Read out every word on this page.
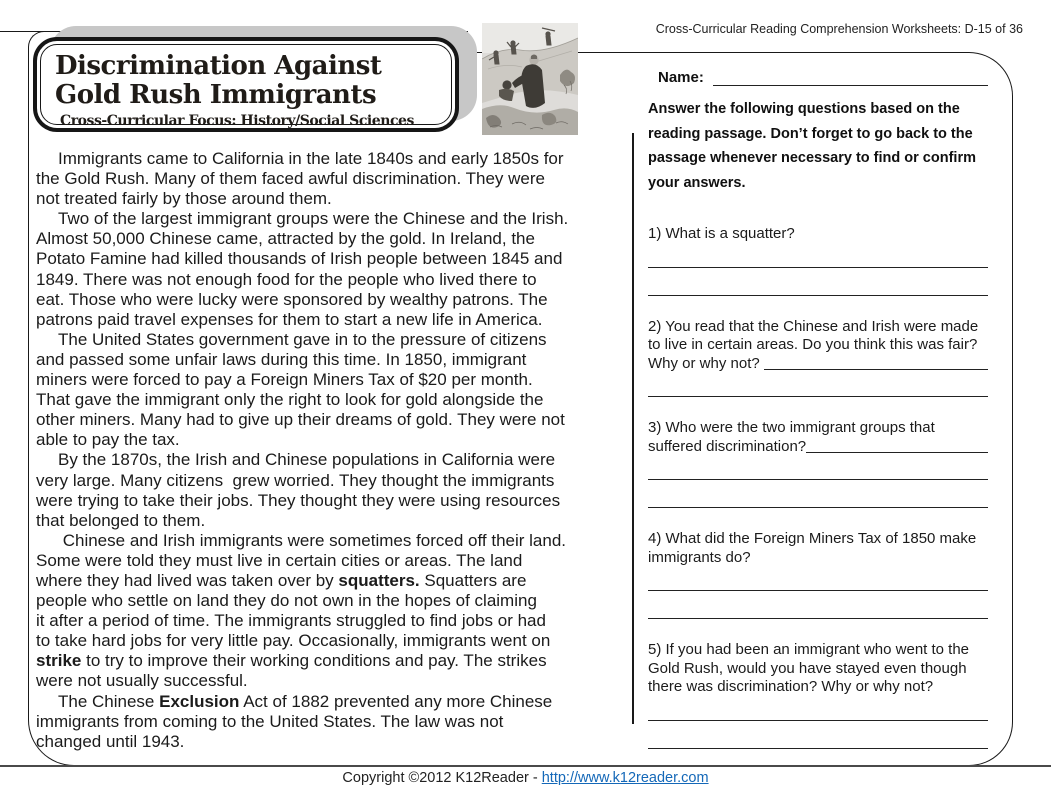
Cross-Curricular Reading Comprehension Worksheets: D-15 of 36
Discrimination Against
Gold Rush Immigrants
Cross-Curricular Focus: History/Social Sciences
Immigrants came to California in the late 1840s and early 1850s for
the Gold Rush. Many of them faced awful discrimination. They were
not treated fairly by those around them.
Two of the largest immigrant groups were the Chinese and the Irish.
Almost 50,000 Chinese came, attracted by the gold. In Ireland, the
Potato Famine had killed thousands of Irish people between 1845 and
1849. There was not enough food for the people who lived there to
eat. Those who were lucky were sponsored by wealthy patrons. The
patrons paid travel expenses for them to start a new life in America.
The United States government gave in to the pressure of citizens
and passed some unfair laws during this time. In 1850, immigrant
miners were forced to pay a Foreign Miners Tax of $20 per month.
That gave the immigrant only the right to look for gold alongside the
other miners. Many had to give up their dreams of gold. They were not
able to pay the tax.
By the 1870s, the Irish and Chinese populations in California were
very large. Many citizens  grew worried. They thought the immigrants
were trying to take their jobs. They thought they were using resources
that belonged to them.
Chinese and Irish immigrants were sometimes forced off their land.
Some were told they must live in certain cities or areas. The land
where they had lived was taken over by squatters. Squatters are
people who settle on land they do not own in the hopes of claiming
it after a period of time. The immigrants struggled to find jobs or had
to take hard jobs for very little pay. Occasionally, immigrants went on
strike to try to improve their working conditions and pay. The strikes
were not usually successful.
The Chinese Exclusion Act of 1882 prevented any more Chinese
immigrants from coming to the United States. The law was not
changed until 1943.
Name:
Answer the following questions based on the reading passage. Don’t forget to go back to the passage whenever necessary to find or confirm your answers.
1) What is a squatter?
2) You read that the Chinese and Irish were made
to live in certain areas. Do you think this was fair?
Why or why not?
3) Who were the two immigrant groups that
suffered discrimination?
4) What did the Foreign Miners Tax of 1850 make
immigrants do?
5) If you had been an immigrant who went to the
Gold Rush, would you have stayed even though
there was discrimination? Why or why not?
Copyright ©2012 K12Reader - http://www.k12reader.com
